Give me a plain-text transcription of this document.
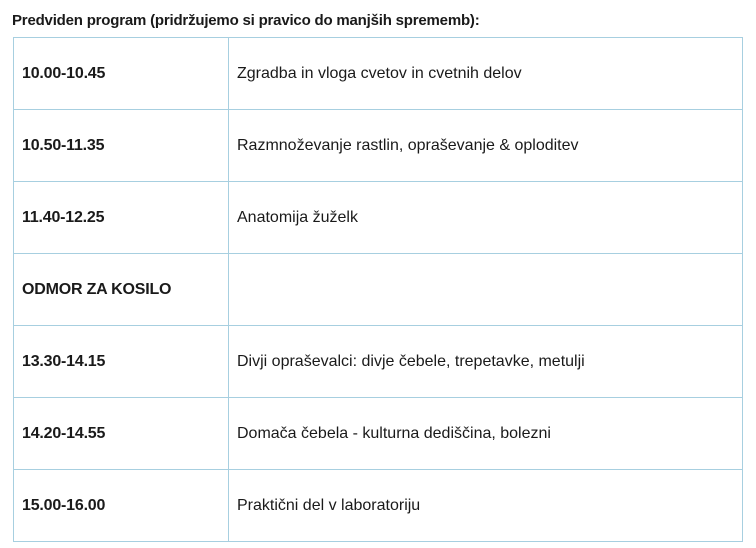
Predviden program (pridržujemo si pravico do manjših sprememb):
10.00-10.45	Zgradba in vloga cvetov in cvetnih delov
10.50-11.35	Razmnoževanje rastlin, opraševanje & oploditev
11.40-12.25	Anatomija žuželk
ODMOR ZA KOSILO	
13.30-14.15	Divji opraševalci: divje čebele, trepetavke, metulji
14.20-14.55	Domača čebela - kulturna dediščina, bolezni
15.00-16.00	Praktični del v laboratoriju
